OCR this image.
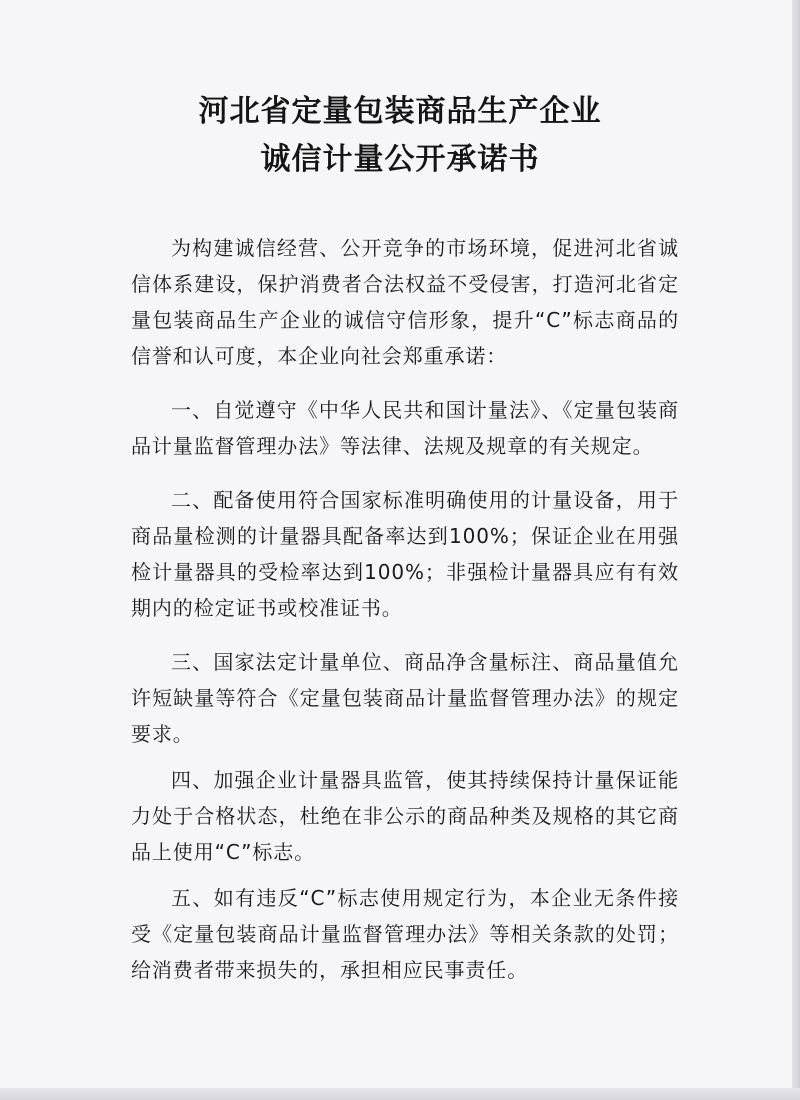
河北省定量包装商品生产企业
诚信计量公开承诺书

为构建诚信经营、公开竞争的市场环境，促进河北省诚信体系建设，保护消费者合法权益不受侵害，打造河北省定量包装商品生产企业的诚信守信形象，提升“C”标志商品的信誉和认可度，本企业向社会郑重承诺：

一、自觉遵守《中华人民共和国计量法》、《定量包装商品计量监督管理办法》等法律、法规及规章的有关规定。

二、配备使用符合国家标准明确使用的计量设备，用于商品量检测的计量器具配备率达到100%；保证企业在用强检计量器具的受检率达到100%；非强检计量器具应有有效期内的检定证书或校准证书。

三、国家法定计量单位、商品净含量标注、商品量值允许短缺量等符合《定量包装商品计量监督管理办法》的规定要求。

四、加强企业计量器具监管，使其持续保持计量保证能力处于合格状态，杜绝在非公示的商品种类及规格的其它商品上使用“C”标志。

五、如有违反“C”标志使用规定行为，本企业无条件接受《定量包装商品计量监督管理办法》等相关条款的处罚；给消费者带来损失的，承担相应民事责任。
